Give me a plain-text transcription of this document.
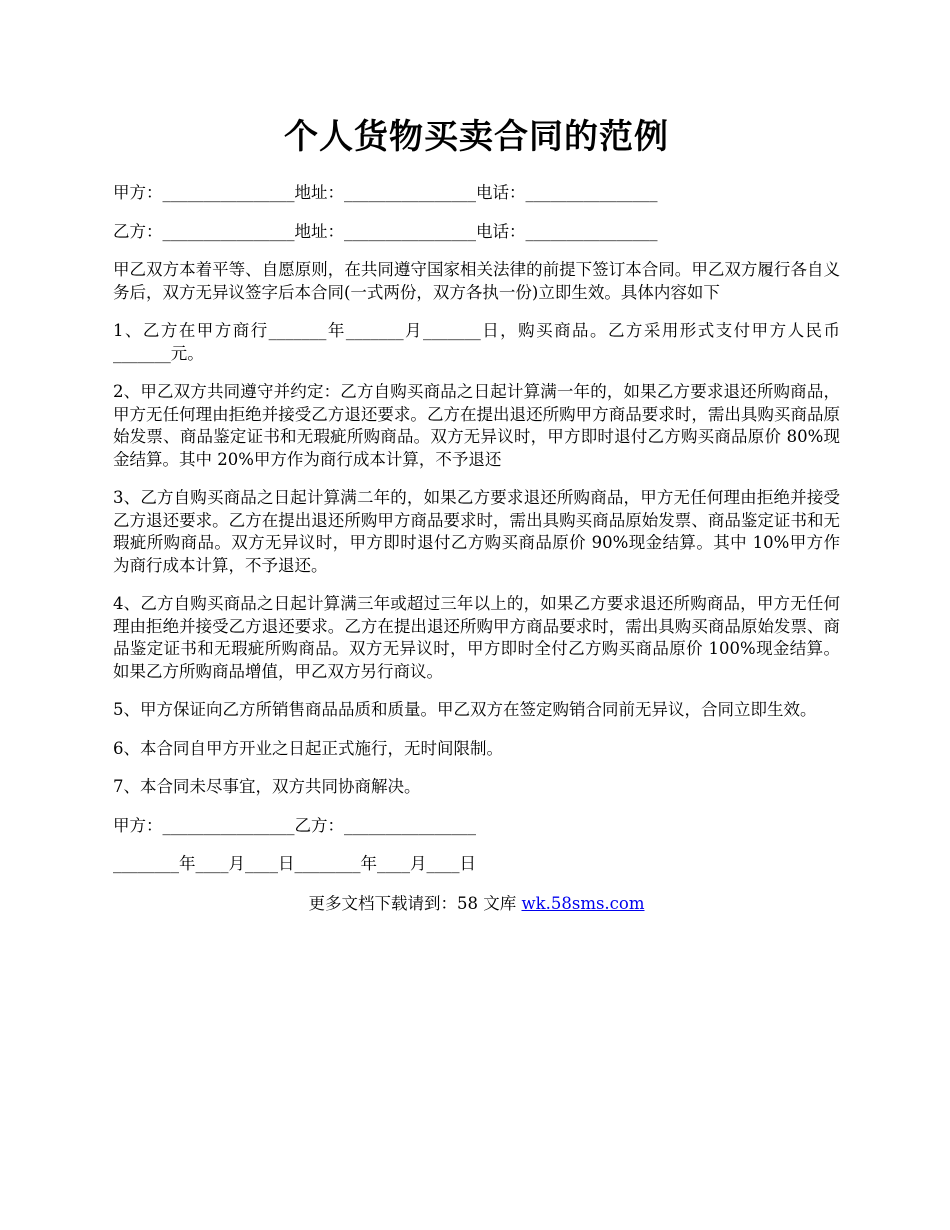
个人货物买卖合同的范例

甲方：________________地址：________________电话：________________

乙方：________________地址：________________电话：________________

甲乙双方本着平等、自愿原则，在共同遵守国家相关法律的前提下签订本合同。甲乙双方履行各自义务后，双方无异议签字后本合同(一式两份，双方各执一份)立即生效。具体内容如下

1、乙方在甲方商行_______年_______月_______日，购买商品。乙方采用形式支付甲方人民币_______元。

2、甲乙双方共同遵守并约定：乙方自购买商品之日起计算满一年的，如果乙方要求退还所购商品，甲方无任何理由拒绝并接受乙方退还要求。乙方在提出退还所购甲方商品要求时，需出具购买商品原始发票、商品鉴定证书和无瑕疵所购商品。双方无异议时，甲方即时退付乙方购买商品原价 80%现金结算。其中 20%甲方作为商行成本计算，不予退还

3、乙方自购买商品之日起计算满二年的，如果乙方要求退还所购商品，甲方无任何理由拒绝并接受乙方退还要求。乙方在提出退还所购甲方商品要求时，需出具购买商品原始发票、商品鉴定证书和无瑕疵所购商品。双方无异议时，甲方即时退付乙方购买商品原价 90%现金结算。其中 10%甲方作为商行成本计算，不予退还。

4、乙方自购买商品之日起计算满三年或超过三年以上的，如果乙方要求退还所购商品，甲方无任何理由拒绝并接受乙方退还要求。乙方在提出退还所购甲方商品要求时，需出具购买商品原始发票、商品鉴定证书和无瑕疵所购商品。双方无异议时，甲方即时全付乙方购买商品原价 100%现金结算。如果乙方所购商品增值，甲乙双方另行商议。

5、甲方保证向乙方所销售商品品质和质量。甲乙双方在签定购销合同前无异议，合同立即生效。

6、本合同自甲方开业之日起正式施行，无时间限制。

7、本合同未尽事宜，双方共同协商解决。

甲方：________________乙方：________________

________年____月____日________年____月____日

更多文档下载请到：58 文库 wk.58sms.com
